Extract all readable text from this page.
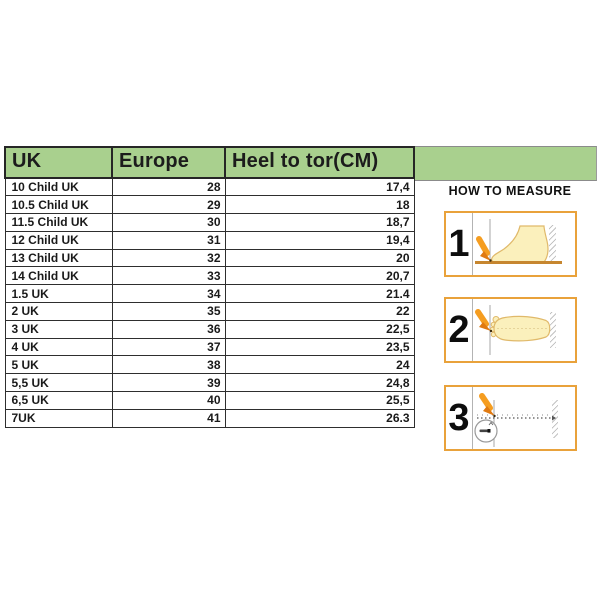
UK	Europe	Heel to tor(CM)
10 Child UK	28	17,4
10.5 Child UK	29	18
11.5 Child UK	30	18,7
12 Child UK	31	19,4
13 Child UK	32	20
14 Child UK	33	20,7
1.5 UK	34	21.4
2 UK	35	22
3 UK	36	22,5
4 UK	37	23,5
5 UK	38	24
5,5 UK	39	24,8
6,5 UK	40	25,5
7UK	41	26.3
HOW TO MEASURE
1
2
3
